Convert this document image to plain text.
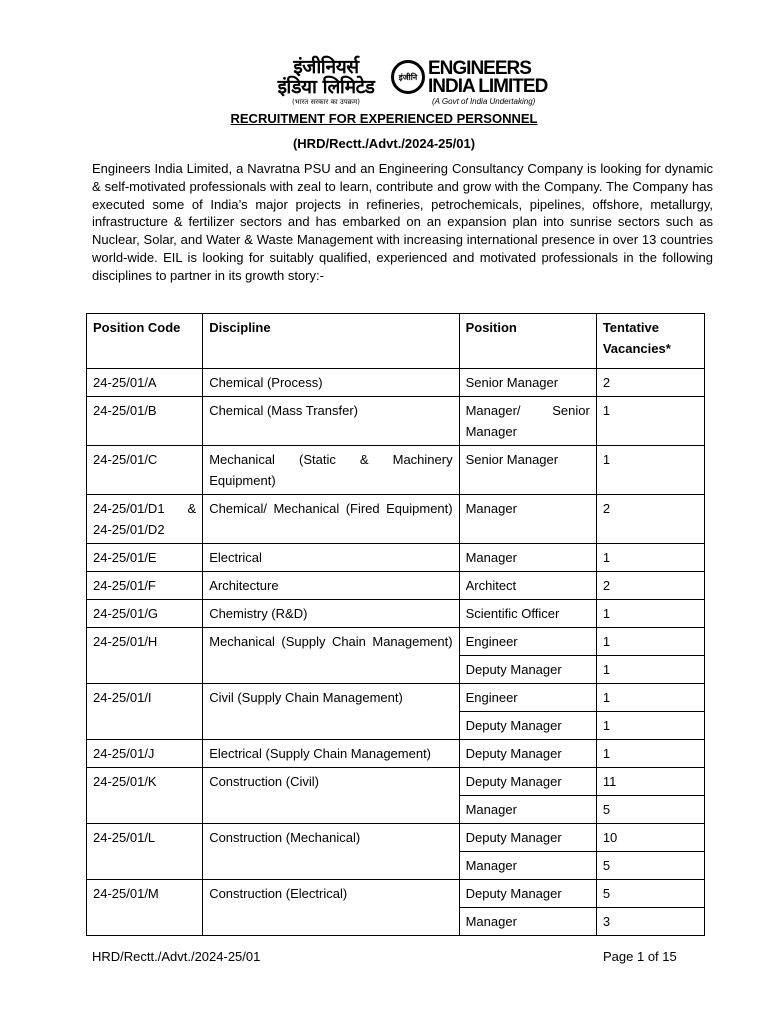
इंजीनियर्स
इंडिया लिमिटेड
(भारत सरकार का उपक्रम)
इंजीनि ENGINEERS
INDIA LIMITED
(A Govt of India Undertaking)
RECRUITMENT FOR EXPERIENCED PERSONNEL
(HRD/Rectt./Advt./2024-25/01)

Engineers India Limited, a Navratna PSU and an Engineering Consultancy Company is looking for dynamic & self-motivated professionals with zeal to learn, contribute and grow with the Company. The Company has executed some of India’s major projects in refineries, petrochemicals, pipelines, offshore, metallurgy, infrastructure & fertilizer sectors and has embarked on an expansion plan into sunrise sectors such as Nuclear, Solar, and Water & Waste Management with increasing international presence in over 13 countries world-wide. EIL is looking for suitably qualified, experienced and motivated professionals in the following disciplines to partner in its growth story:-

Position Code	Discipline	Position	Tentative Vacancies*
24-25/01/A	Chemical (Process)	Senior Manager	2
24-25/01/B	Chemical (Mass Transfer)	Manager/ Senior Manager	1
24-25/01/C	Mechanical (Static & Machinery Equipment)	Senior Manager	1
24-25/01/D1 & 24-25/01/D2	Chemical/ Mechanical (Fired Equipment)	Manager	2
24-25/01/E	Electrical	Manager	1
24-25/01/F	Architecture	Architect	2
24-25/01/G	Chemistry (R&D)	Scientific Officer	1
24-25/01/H	Mechanical (Supply Chain Management)	Engineer	1
		Deputy Manager	1
24-25/01/I	Civil (Supply Chain Management)	Engineer	1
		Deputy Manager	1
24-25/01/J	Electrical (Supply Chain Management)	Deputy Manager	1
24-25/01/K	Construction (Civil)	Deputy Manager	11
		Manager	5
24-25/01/L	Construction (Mechanical)	Deputy Manager	10
		Manager	5
24-25/01/M	Construction (Electrical)	Deputy Manager	5
		Manager	3
HRD/Rectt./Advt./2024-25/01	Page 1 of 15
